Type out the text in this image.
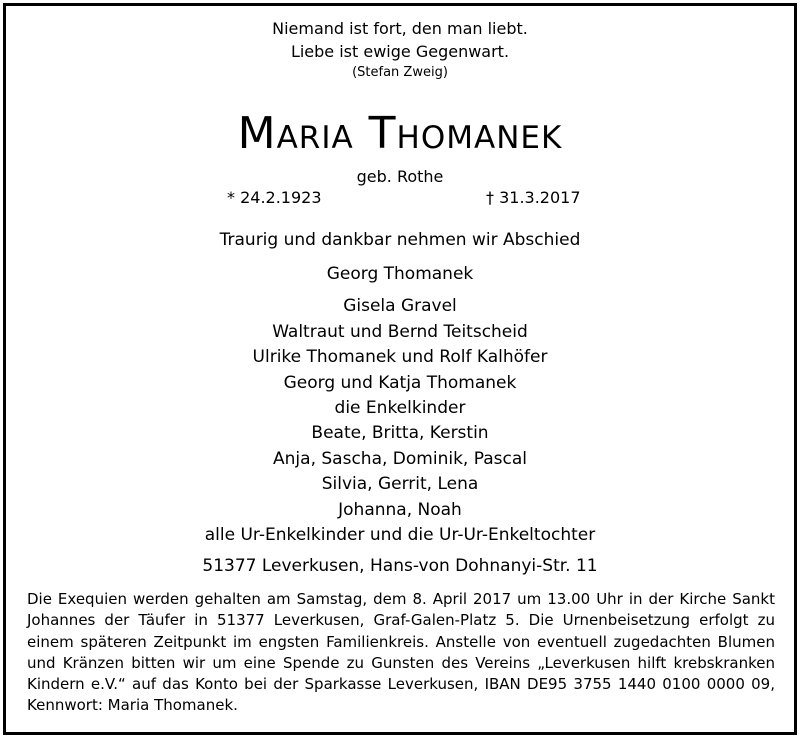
Niemand ist fort, den man liebt.
Liebe ist ewige Gegenwart.
(Stefan Zweig)
Maria Thomanek
geb. Rothe
* 24.2.1923	† 31.3.2017
Traurig und dankbar nehmen wir Abschied
Georg Thomanek
Gisela Gravel
Waltraut und Bernd Teitscheid
Ulrike Thomanek und Rolf Kalhöfer
Georg und Katja Thomanek
die Enkelkinder
Beate, Britta, Kerstin
Anja, Sascha, Dominik, Pascal
Silvia, Gerrit, Lena
Johanna, Noah
alle Ur-Enkelkinder und die Ur-Ur-Enkeltochter
51377 Leverkusen, Hans-von Dohnanyi-Str. 11
Die Exequien werden gehalten am Samstag, dem 8. April 2017 um 13.00 Uhr in der Kirche Sankt Johannes der Täufer in 51377 Leverkusen, Graf-Galen-Platz 5. Die Urnenbeisetzung erfolgt zu einem späteren Zeitpunkt im engsten Familienkreis. Anstelle von eventuell zugedachten Blumen und Kränzen bitten wir um eine Spende zu Gunsten des Vereins „Leverkusen hilft krebskranken Kindern e.V.“ auf das Konto bei der Sparkasse Leverkusen, IBAN DE95 3755 1440 0100 0000 09, Kennwort: Maria Thomanek.
